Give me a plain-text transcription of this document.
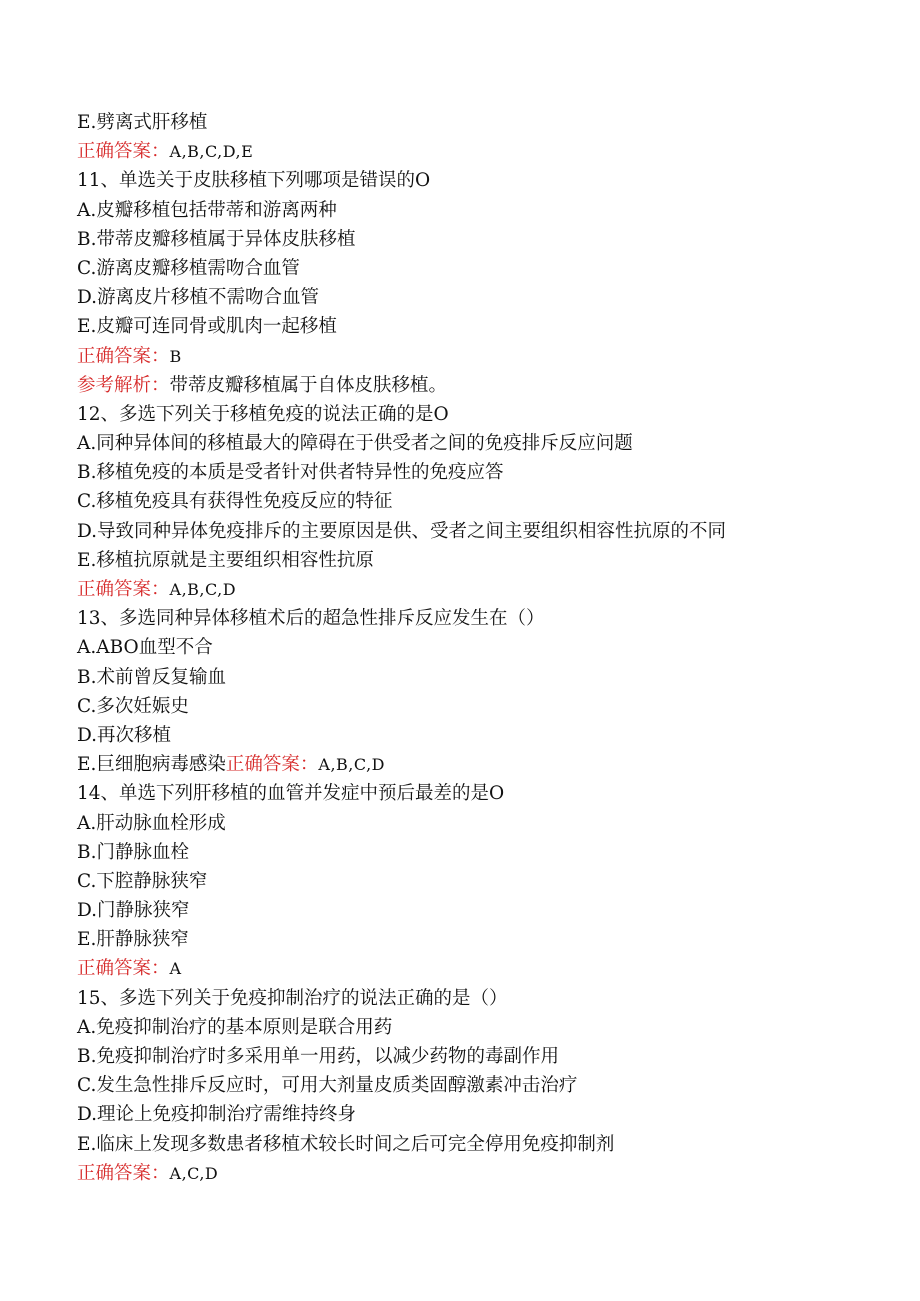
E.劈离式肝移植
正确答案：A,B,C,D,E
11、单选关于皮肤移植下列哪项是错误的O
A.皮瓣移植包括带蒂和游离两种
B.带蒂皮瓣移植属于异体皮肤移植
C.游离皮瓣移植需吻合血管
D.游离皮片移植不需吻合血管
E.皮瓣可连同骨或肌肉一起移植
正确答案：B
参考解析：带蒂皮瓣移植属于自体皮肤移植。
12、多选下列关于移植免疫的说法正确的是O
A.同种异体间的移植最大的障碍在于供受者之间的免疫排斥反应问题
B.移植免疫的本质是受者针对供者特异性的免疫应答
C.移植免疫具有获得性免疫反应的特征
D.导致同种异体免疫排斥的主要原因是供、受者之间主要组织相容性抗原的不同
E.移植抗原就是主要组织相容性抗原
正确答案：A,B,C,D
13、多选同种异体移植术后的超急性排斥反应发生在（）
A.ABO血型不合
B.术前曾反复输血
C.多次妊娠史
D.再次移植
E.巨细胞病毒感染正确答案：A,B,C,D
14、单选下列肝移植的血管并发症中预后最差的是O
A.肝动脉血栓形成
B.门静脉血栓
C.下腔静脉狭窄
D.门静脉狭窄
E.肝静脉狭窄
正确答案：A
15、多选下列关于免疫抑制治疗的说法正确的是（）
A.免疫抑制治疗的基本原则是联合用药
B.免疫抑制治疗时多采用单一用药，以减少药物的毒副作用
C.发生急性排斥反应时，可用大剂量皮质类固醇激素冲击治疗
D.理论上免疫抑制治疗需维持终身
E.临床上发现多数患者移植术较长时间之后可完全停用免疫抑制剂
正确答案：A,C,D
